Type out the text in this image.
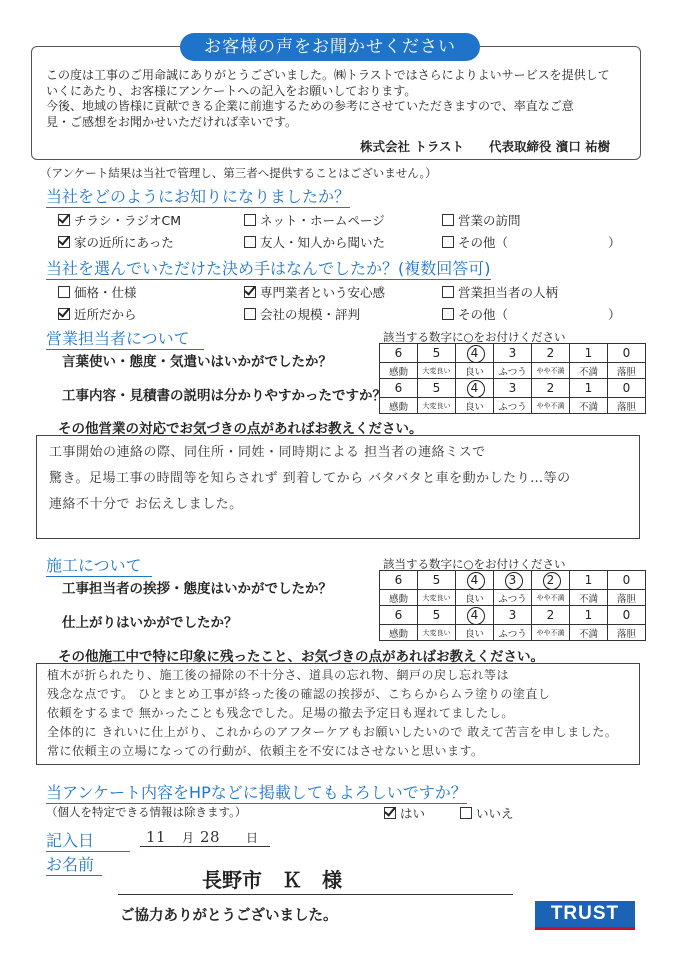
お客様の声をお聞かせください
この度は工事のご用命誠にありがとうございました。㈱トラストではさらによりよいサービスを提供して
いくにあたり、お客様にアンケートへの記入をお願いしております。
今後、地域の皆様に貢献できる企業に前進するための参考にさせていただきますので、率直なご意
見・ご感想をお聞かせいただければ幸いです。
株式会社 トラスト　　代表取締役 濱口 祐樹
（アンケート結果は当社で管理し、第三者へ提供することはございません。）
当社をどのようにお知りになりましたか？
チラシ・ラジオCM	ネット・ホームページ	営業の訪問
家の近所にあった	友人・知人から聞いた	その他（　　　　　　　　）
当社を選んでいただけた決め手はなんでしたか？(複数回答可)
価格・仕様	専門業者という安心感	営業担当者の人柄
近所だから	会社の規模・評判	その他（　　　　　　　　）
営業担当者について	該当する数字に○をお付けください
言葉使い・態度・気遣いはいかがでしたか？
工事内容・見積書の説明は分かりやすかったですか？
6	5	4	3	2	1	0
感動	大変良い	良い	ふつう	やや不満	不満	落胆
6	5	4	3	2	1	0
感動	大変良い	良い	ふつう	やや不満	不満	落胆
その他営業の対応でお気づきの点があればお教えください。
工事開始の連絡の際、同住所・同姓・同時期による 担当者の連絡ミスで
驚き。足場工事の時間等を知らされず 到着してから バタバタと車を動かしたり…等の
連絡不十分で お伝えしました。
施工について	該当する数字に○をお付けください
工事担当者の挨拶・態度はいかがでしたか？
仕上がりはいかがでしたか？
6	5	4	3	2	1	0
感動	大変良い	良い	ふつう	やや不満	不満	落胆
6	5	4	3	2	1	0
感動	大変良い	良い	ふつう	やや不満	不満	落胆
その他施工中で特に印象に残ったこと、お気づきの点があればお教えください。
植木が折られたり、施工後の掃除の不十分さ、道具の忘れ物、網戸の戻し忘れ等は
残念な点です。 ひとまとめ工事が終った後の確認の挨拶が、こちらからムラ塗りの塗直し
依頼をするまで 無かったことも残念でした。足場の撤去予定日も遅れてましたし。
全体的に きれいに仕上がり、これからのアフターケアもお願いしたいので 敢えて苦言を申しました。
常に依頼主の立場になっての行動が、依頼主を不安にはさせないと思います。
当アンケート内容をHPなどに掲載してもよろしいですか？
（個人を特定できる情報は除きます。）	はい	いいえ
記入日	11 月 28 日
お名前
長野市　Ｋ　様
ご協力ありがとうございました。	TRUST
